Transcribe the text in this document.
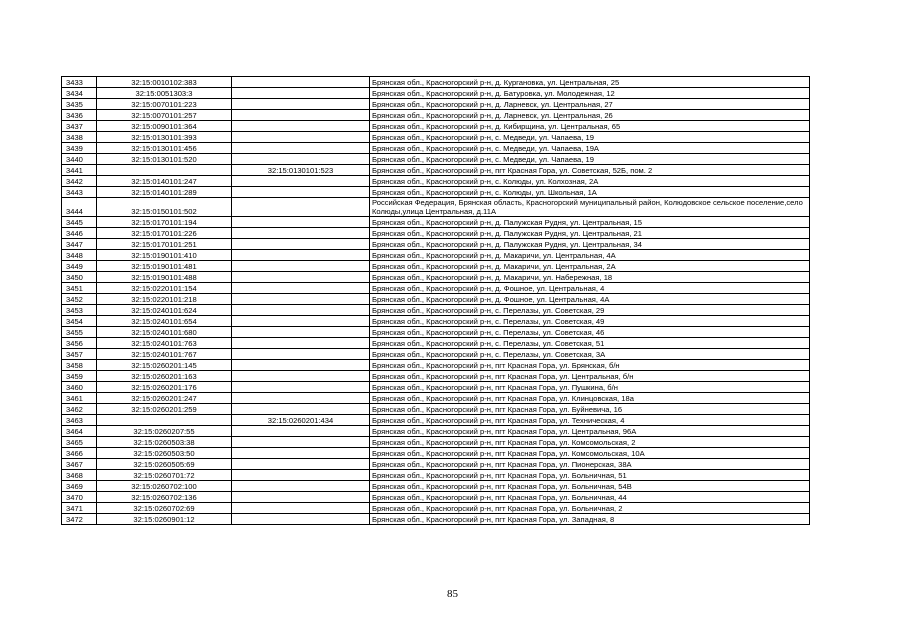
3433	32:15:0010102:383		Брянская обл., Красногорский р-н, д. Кургановка, ул. Центральная, 25
3434	32:15:0051303:3		Брянская обл., Красногорский р-н, д. Батуровка, ул. Молодежная, 12
3435	32:15:0070101:223		Брянская обл., Красногорский р-н, д. Ларневск, ул. Центральная, 27
3436	32:15:0070101:257		Брянская обл., Красногорский р-н, д. Ларневск, ул. Центральная, 26
3437	32:15:0090101:364		Брянская обл., Красногорский р-н, д. Кибирщина, ул. Центральная, 65
3438	32:15:0130101:393		Брянская обл., Красногорский р-н, с. Медведи, ул. Чапаева, 19
3439	32:15:0130101:456		Брянская обл., Красногорский р-н, с. Медведи, ул. Чапаева, 19А
3440	32:15:0130101:520		Брянская обл., Красногорский р-н, с. Медведи, ул. Чапаева, 19
3441		32:15:0130101:523	Брянская обл., Красногорский р-н, пгт Красная Гора, ул. Советская, 52Б, пом. 2
3442	32:15:0140101:247		Брянская обл., Красногорский р-н, с. Колюды, ул. Колхозная, 2А
3443	32:15:0140101:289		Брянская обл., Красногорский р-н, с. Колюды, ул. Школьная, 1А
3444	32:15:0150101:502		Российская Федерация, Брянская область, Красногорский муниципальный район, Колюдовское сельское поселение,село Колюды,улица Центральная, д.11А
3445	32:15:0170101:194		Брянская обл., Красногорский р-н, д. Палужская Рудня, ул. Центральная, 15
3446	32:15:0170101:226		Брянская обл., Красногорский р-н, д. Палужская Рудня, ул. Центральная, 21
3447	32:15:0170101:251		Брянская обл., Красногорский р-н, д. Палужская Рудня, ул. Центральная, 34
3448	32:15:0190101:410		Брянская обл., Красногорский р-н, д. Макаричи, ул. Центральная, 4А
3449	32:15:0190101:481		Брянская обл., Красногорский р-н, д. Макаричи, ул. Центральная, 2А
3450	32:15:0190101:488		Брянская обл., Красногорский р-н, д. Макаричи, ул. Набережная, 18
3451	32:15:0220101:154		Брянская обл., Красногорский р-н, д. Фошное, ул. Центральная, 4
3452	32:15:0220101:218		Брянская обл., Красногорский р-н, д. Фошное, ул. Центральная, 4А
3453	32:15:0240101:624		Брянская обл., Красногорский р-н, с. Перелазы, ул. Советская, 29
3454	32:15:0240101:654		Брянская обл., Красногорский р-н, с. Перелазы, ул. Советская, 49
3455	32:15:0240101:680		Брянская обл., Красногорский р-н, с. Перелазы, ул. Советская, 46
3456	32:15:0240101:763		Брянская обл., Красногорский р-н, с. Перелазы, ул. Советская, 51
3457	32:15:0240101:767		Брянская обл., Красногорский р-н, с. Перелазы, ул. Советская, 3А
3458	32:15:0260201:145		Брянская обл., Красногорский р-н, пгт Красная Гора, ул. Брянская, б/н
3459	32:15:0260201:163		Брянская обл., Красногорский р-н, пгт Красная Гора, ул. Центральная, б/н
3460	32:15:0260201:176		Брянская обл., Красногорский р-н, пгт Красная Гора, ул. Пушкина, б/н
3461	32:15:0260201:247		Брянская обл., Красногорский р-н, пгт Красная Гора, ул. Клинцовская, 18а
3462	32:15:0260201:259		Брянская обл., Красногорский р-н, пгт Красная Гора, ул. Буйневича, 16
3463		32:15:0260201:434	Брянская обл., Красногорский р-н, пгт Красная Гора, ул. Техническая, 4
3464	32:15:0260207:55		Брянская обл., Красногорский р-н, пгт Красная Гора, ул. Центральная, 96А
3465	32:15:0260503:38		Брянская обл., Красногорский р-н, пгт Красная Гора, ул. Комсомольская, 2
3466	32:15:0260503:50		Брянская обл., Красногорский р-н, пгт Красная Гора, ул. Комсомольская, 10А
3467	32:15:0260505:69		Брянская обл., Красногорский р-н, пгт Красная Гора, ул. Пионерская, 38А
3468	32:15:0260701:72		Брянская обл., Красногорский р-н, пгт Красная Гора, ул. Больничная, 51
3469	32:15:0260702:100		Брянская обл., Красногорский р-н, пгт Красная Гора, ул. Больничная, 54В
3470	32:15:0260702:136		Брянская обл., Красногорский р-н, пгт Красная Гора, ул. Больничная, 44
3471	32:15:0260702:69		Брянская обл., Красногорский р-н, пгт Красная Гора, ул. Больничная, 2
3472	32:15:0260901:12		Брянская обл., Красногорский р-н, пгт Красная Гора, ул. Западная, 8
85
